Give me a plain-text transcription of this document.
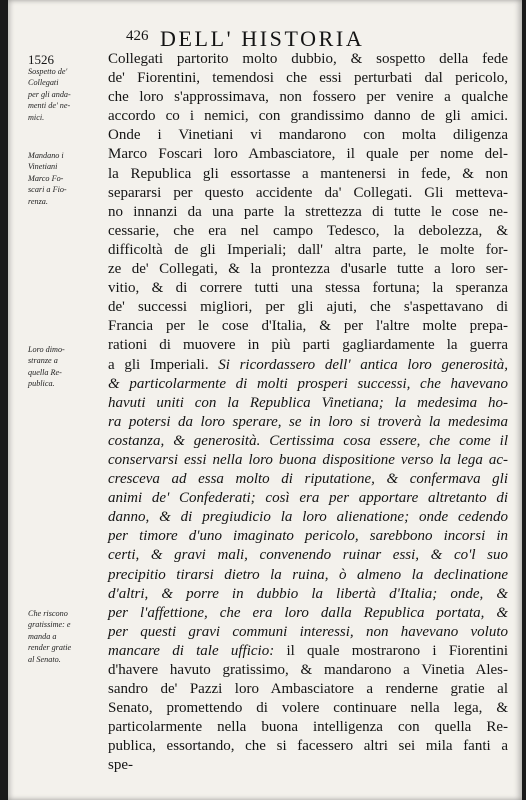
426 DELL' HISTORIA
1526
Sospetto de'
Collegati
per gli anda-
menti de' ne-
mici.
Mandano i
Vinetiani
Marco Fo-
scari a Fio-
renza.
Loro dimo-
stranze a
quella Re-
publica.
Che riscono
gratissime: e
manda a
render gratie
al Senato.
Collegati partorito molto dubbio, & sospetto della fede
de' Fiorentini, temendosi che essi perturbati dal pericolo,
che loro s'approssimava, non fossero per venire a qualche
accordo co i nemici, con grandissimo danno de gli amici.
Onde i Vinetiani vi mandarono con molta diligenza
Marco Foscari loro Ambasciatore, il quale per nome del-
la Republica gli essortasse a mantenersi in fede, & non
separarsi per questo accidente da' Collegati. Gli metteva-
no innanzi da una parte la strettezza di tutte le cose ne-
cessarie, che era nel campo Tedesco, la debolezza, &
difficoltà de gli Imperiali; dall' altra parte, le molte for-
ze de' Collegati, & la prontezza d'usarle tutte a loro ser-
vitio, & di correre tutti una stessa fortuna; la speranza
de' successi migliori, per gli ajuti, che s'aspettavano di
Francia per le cose d'Italia, & per l'altre molte prepa-
rationi di muovere in più parti gagliardamente la guerra
a gli Imperiali. Si ricordassero dell' antica loro generosità,
& particolarmente di molti prosperi successi, che havevano
havuti uniti con la Republica Vinetiana; la medesima ho-
ra potersi da loro sperare, se in loro si troverà la medesima
costanza, & generosità. Certissima cosa essere, che come il
conservarsi essi nella loro buona dispositione verso la lega ac-
cresceva ad essa molto di riputatione, & confermava gli
animi de' Confederati; così era per apportare altretanto di
danno, & di pregiudicio la loro alienatione; onde cedendo
per timore d'uno imaginato pericolo, sarebbono incorsi in
certi, & gravi mali, convenendo ruinar essi, & co'l suo
precipitio tirarsi dietro la ruina, ò almeno la declinatione
d'altri, & porre in dubbio la libertà d'Italia; onde, &
per l'affettione, che era loro dalla Republica portata, &
per questi gravi communi interessi, non havevano voluto
mancare di tale ufficio: il quale mostrarono i Fiorentini
d'havere havuto gratissimo, & mandarono a Vinetia Ales-
sandro de' Pazzi loro Ambasciatore a renderne gratie al
Senato, promettendo di volere continuare nella lega, &
particolarmente nella buona intelligenza con quella Re-
publica, essortando, che si facessero altri sei mila fanti a
spe-
